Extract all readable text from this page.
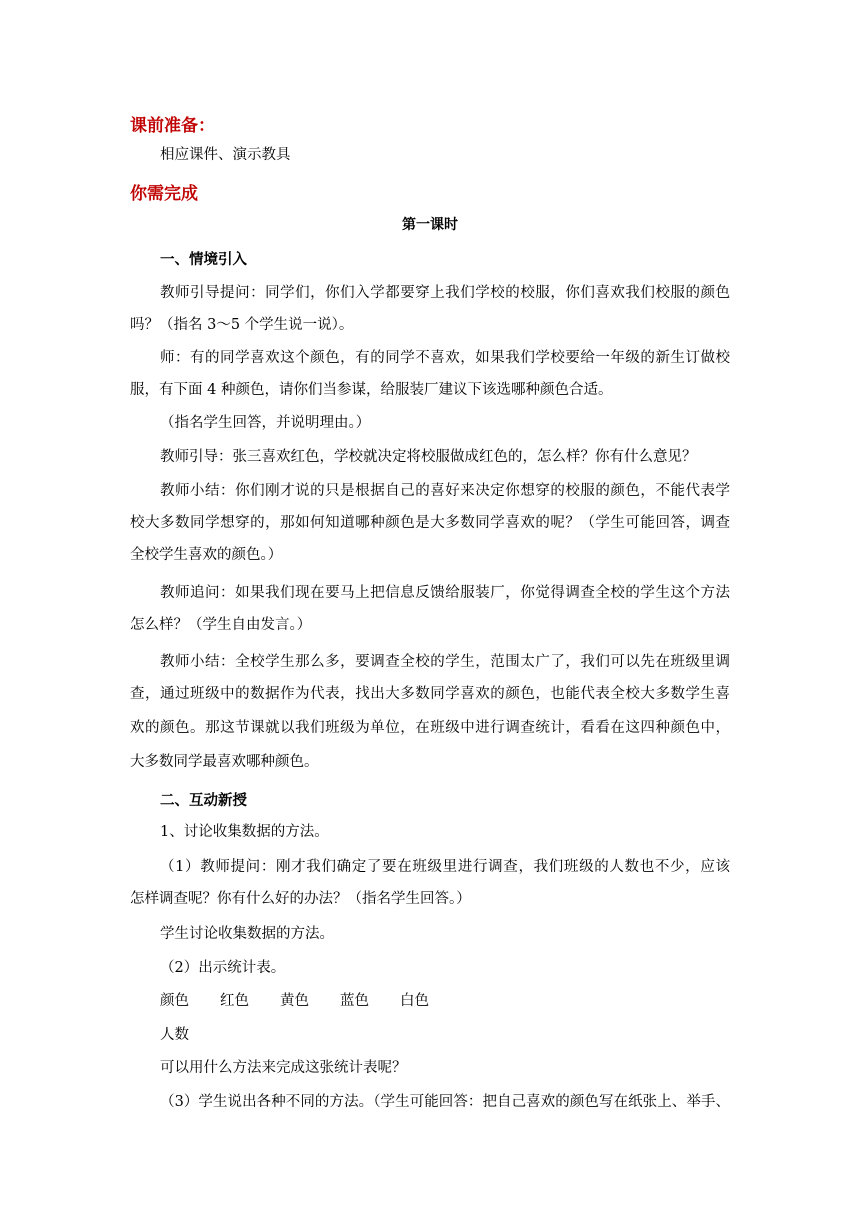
课前准备：
相应课件、演示教具
你需完成
第一课时
一、情境引入
教师引导提问：同学们，你们入学都要穿上我们学校的校服，你们喜欢我们校服的颜色
吗？（指名 3～5 个学生说一说）。
师：有的同学喜欢这个颜色，有的同学不喜欢，如果我们学校要给一年级的新生订做校
服，有下面 4 种颜色，请你们当参谋，给服装厂建议下该选哪种颜色合适。
（指名学生回答，并说明理由。）
教师引导：张三喜欢红色，学校就决定将校服做成红色的，怎么样？你有什么意见？
教师小结：你们刚才说的只是根据自己的喜好来决定你想穿的校服的颜色，不能代表学
校大多数同学想穿的，那如何知道哪种颜色是大多数同学喜欢的呢？（学生可能回答，调查
全校学生喜欢的颜色。）
教师追问：如果我们现在要马上把信息反馈给服装厂，你觉得调查全校的学生这个方法
怎么样？（学生自由发言。）
教师小结：全校学生那么多，要调查全校的学生，范围太广了，我们可以先在班级里调
查，通过班级中的数据作为代表，找出大多数同学喜欢的颜色，也能代表全校大多数学生喜
欢的颜色。那这节课就以我们班级为单位，在班级中进行调查统计，看看在这四种颜色中，
大多数同学最喜欢哪种颜色。
二、互动新授
1、讨论收集数据的方法。
（1）教师提问：刚才我们确定了要在班级里进行调查，我们班级的人数也不少，应该
怎样调查呢？你有什么好的办法？（指名学生回答。）
学生讨论收集数据的方法。
（2）出示统计表。
颜色 红色 黄色 蓝色 白色
人数
可以用什么方法来完成这张统计表呢？
（3）学生说出各种不同的方法。（学生可能回答：把自己喜欢的颜色写在纸张上、举手、
